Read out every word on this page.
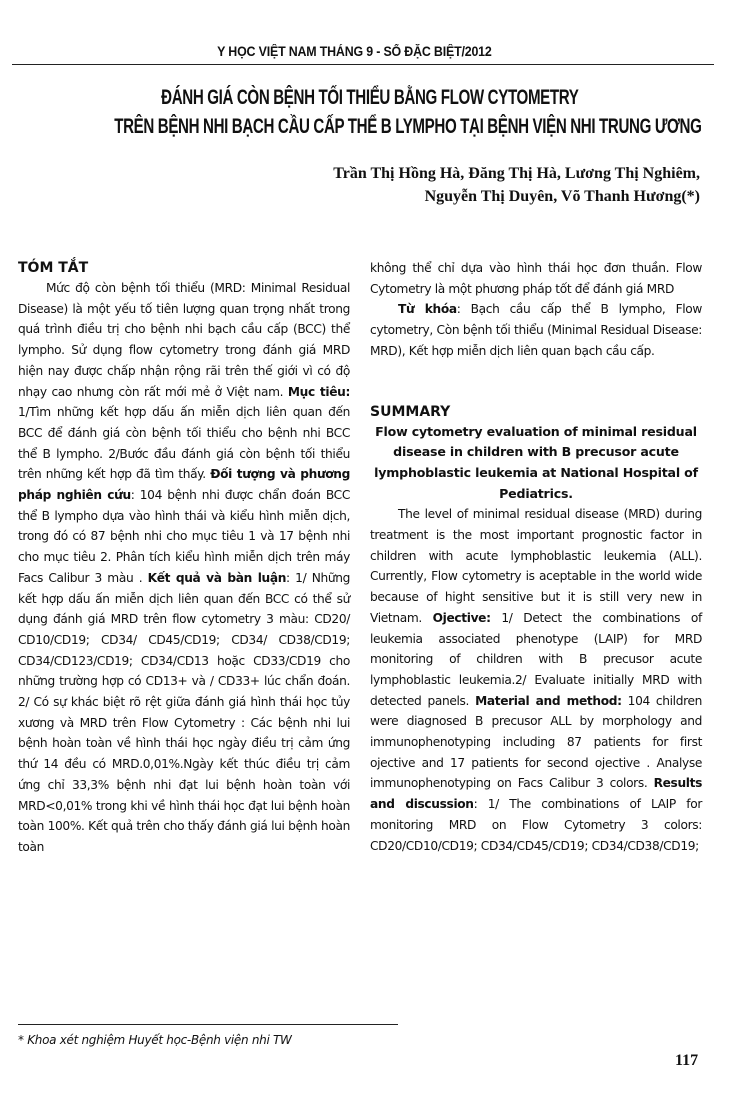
Y HỌC VIỆT NAM THÁNG 9 - SỐ ĐẶC BIỆT/2012
ĐÁNH GIÁ CÒN BỆNH TỐI THIỂU BẰNG FLOW CYTOMETRY
TRÊN BỆNH NHI BẠCH CẦU CẤP THỂ B LYMPHO TẠI BỆNH VIỆN NHI TRUNG ƯƠNG
Trần Thị Hồng Hà, Đăng Thị Hà, Lương Thị Nghiêm,
Nguyễn Thị Duyên, Võ Thanh Hương(*)

TÓM TẮT

Mức độ còn bệnh tối thiểu (MRD: Minimal Residual Disease) là một yếu tố tiên lượng quan trọng nhất trong quá trình điều trị cho bệnh nhi bạch cầu cấp (BCC) thể lympho. Sử dụng flow cytometry trong đánh giá MRD hiện nay được chấp nhận rộng rãi trên thế giới vì có độ nhạy cao nhưng còn rất mới mẻ ở Việt nam. Mục tiêu: 1/Tìm những kết hợp dấu ấn miễn dịch liên quan đến BCC để đánh giá còn bệnh tối thiểu cho bệnh nhi BCC thể B lympho. 2/Bước đầu đánh giá còn bệnh tối thiểu trên những kết hợp đã tìm thấy. Đối tượng và phương pháp nghiên cứu: 104 bệnh nhi được chẩn đoán BCC thể B lympho dựa vào hình thái và kiểu hình miễn dịch, trong đó có 87 bệnh nhi cho mục tiêu 1 và 17 bệnh nhi cho mục tiêu 2. Phân tích kiểu hình miễn dịch trên máy Facs Calibur 3 màu . Kết quả và bàn luận: 1/ Những kết hợp dấu ấn miễn dịch liên quan đến BCC có thể sử dụng đánh giá MRD trên flow cytometry 3 màu: CD20/ CD10/CD19; CD34/ CD45/CD19; CD34/ CD38/CD19; CD34/CD123/CD19; CD34/CD13 hoặc CD33/CD19 cho những trường hợp có CD13+ và / CD33+ lúc chẩn đoán. 2/ Có sự khác biệt rõ rệt giữa đánh giá hình thái học tủy xương và MRD trên Flow Cytometry : Các bệnh nhi lui bệnh hoàn toàn về hình thái học ngày điều trị cảm ứng thứ 14 đều có MRD.0,01%.Ngày kết thúc điều trị cảm ứng chỉ 33,3% bệnh nhi đạt lui bệnh hoàn toàn với MRD<0,01% trong khi về hình thái học đạt lui bệnh hoàn toàn 100%. Kết quả trên cho thấy đánh giá lui bệnh hoàn toàn

không thể chỉ dựa vào hình thái học đơn thuần. Flow Cytometry là một phương pháp tốt để đánh giá MRD

Từ khóa: Bạch cầu cấp thể B lympho, Flow cytometry, Còn bệnh tối thiểu (Minimal Residual Disease: MRD), Kết hợp miễn dịch liên quan bạch cầu cấp.

SUMMARY

Flow cytometry evaluation of minimal residual disease in children with B precusor acute lymphoblastic leukemia at National Hospital of Pediatrics.

The level of minimal residual disease (MRD) during treatment is the most important prognostic factor in children with acute lymphoblastic leukemia (ALL). Currently, Flow cytometry is aceptable in the world wide because of hight sensitive but it is still very new in Vietnam. Ojective: 1/ Detect the combinations of leukemia associated phenotype (LAIP) for MRD monitoring of children with B precusor acute lymphoblastic leukemia.2/ Evaluate initially MRD with detected panels. Material and method: 104 children were diagnosed B precusor ALL by morphology and immunophenotyping including 87 patients for first ojective and 17 patients for second ojective . Analyse immunophenotyping on Facs Calibur 3 colors. Results and discussion: 1/ The combinations of LAIP for monitoring MRD on Flow Cytometry 3 colors: CD20/CD10/CD19; CD34/CD45/CD19; CD34/CD38/CD19;

* Khoa xét nghiệm Huyết học-Bệnh viện nhi TW
117
